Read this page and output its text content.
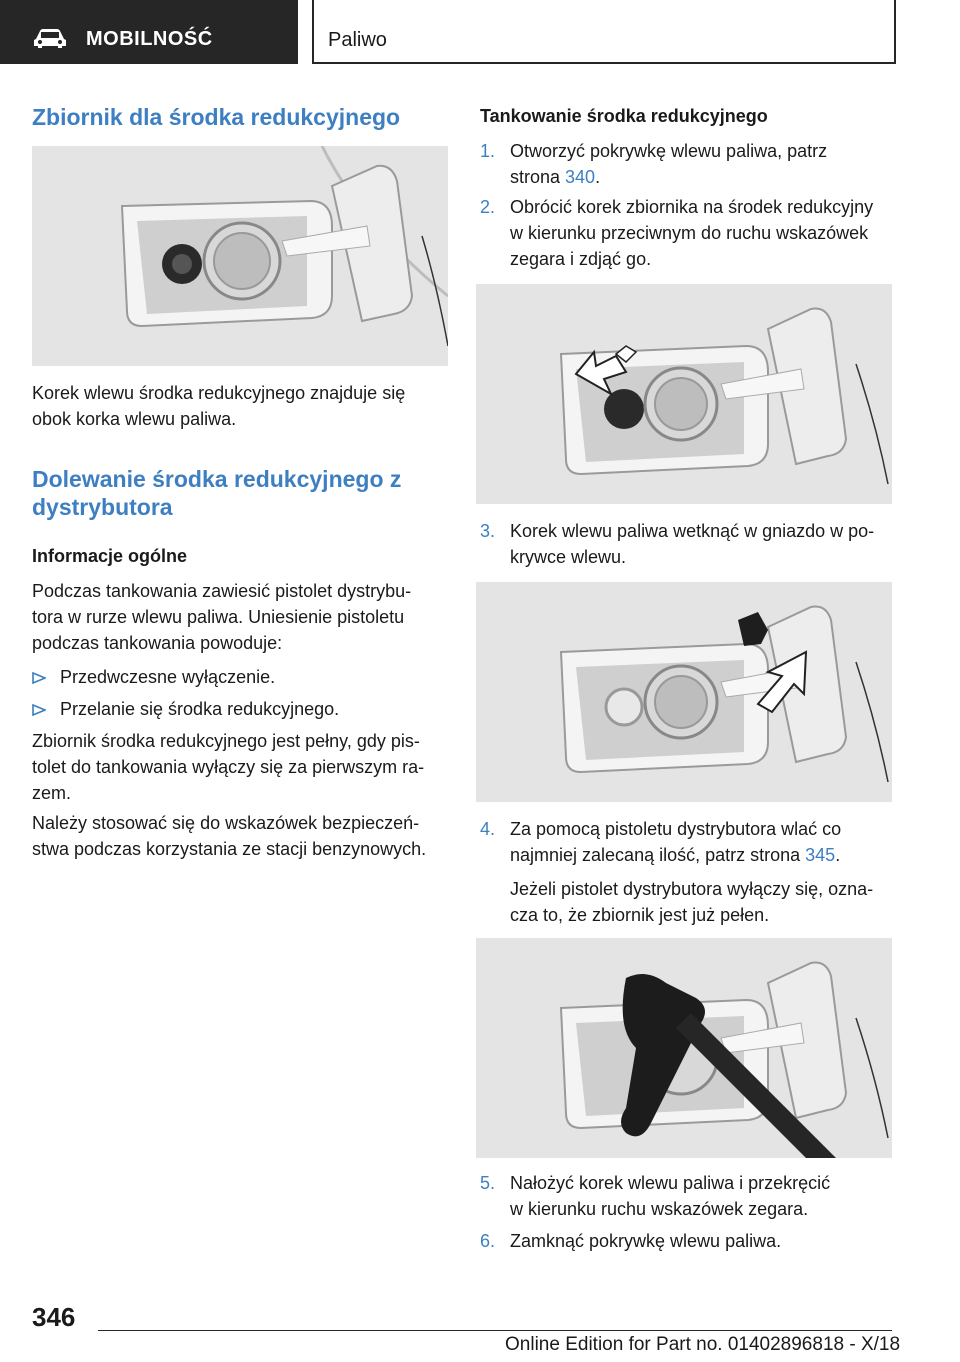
MOBILNOŚĆ	Paliwo
Zbiornik dla środka redukcyjnego
Korek wlewu środka redukcyjnego znajduje się
obok korka wlewu paliwa.
Dolewanie środka redukcyjnego z
dystrybutora
Informacje ogólne
Podczas tankowania zawiesić pistolet dystrybu-
tora w rurze wlewu paliwa. Uniesienie pistoletu
podczas tankowania powoduje:
Przedwczesne wyłączenie.
Przelanie się środka redukcyjnego.
Zbiornik środka redukcyjnego jest pełny, gdy pis-
tolet do tankowania wyłączy się za pierwszym ra-
zem.
Należy stosować się do wskazówek bezpieczeń-
stwa podczas korzystania ze stacji benzynowych.
Tankowanie środka redukcyjnego
1. Otworzyć pokrywkę wlewu paliwa, patrz
strona 340.
2. Obrócić korek zbiornika na środek redukcyjny
w kierunku przeciwnym do ruchu wskazówek
zegara i zdjąć go.
3. Korek wlewu paliwa wetknąć w gniazdo w po-
krywce wlewu.
4. Za pomocą pistoletu dystrybutora wlać co
najmniej zalecaną ilość, patrz strona 345.
Jeżeli pistolet dystrybutora wyłączy się, ozna-
cza to, że zbiornik jest już pełen.
5. Nałożyć korek wlewu paliwa i przekręcić
w kierunku ruchu wskazówek zegara.
6. Zamknąć pokrywkę wlewu paliwa.
346
Online Edition for Part no. 01402896818 - X/18
